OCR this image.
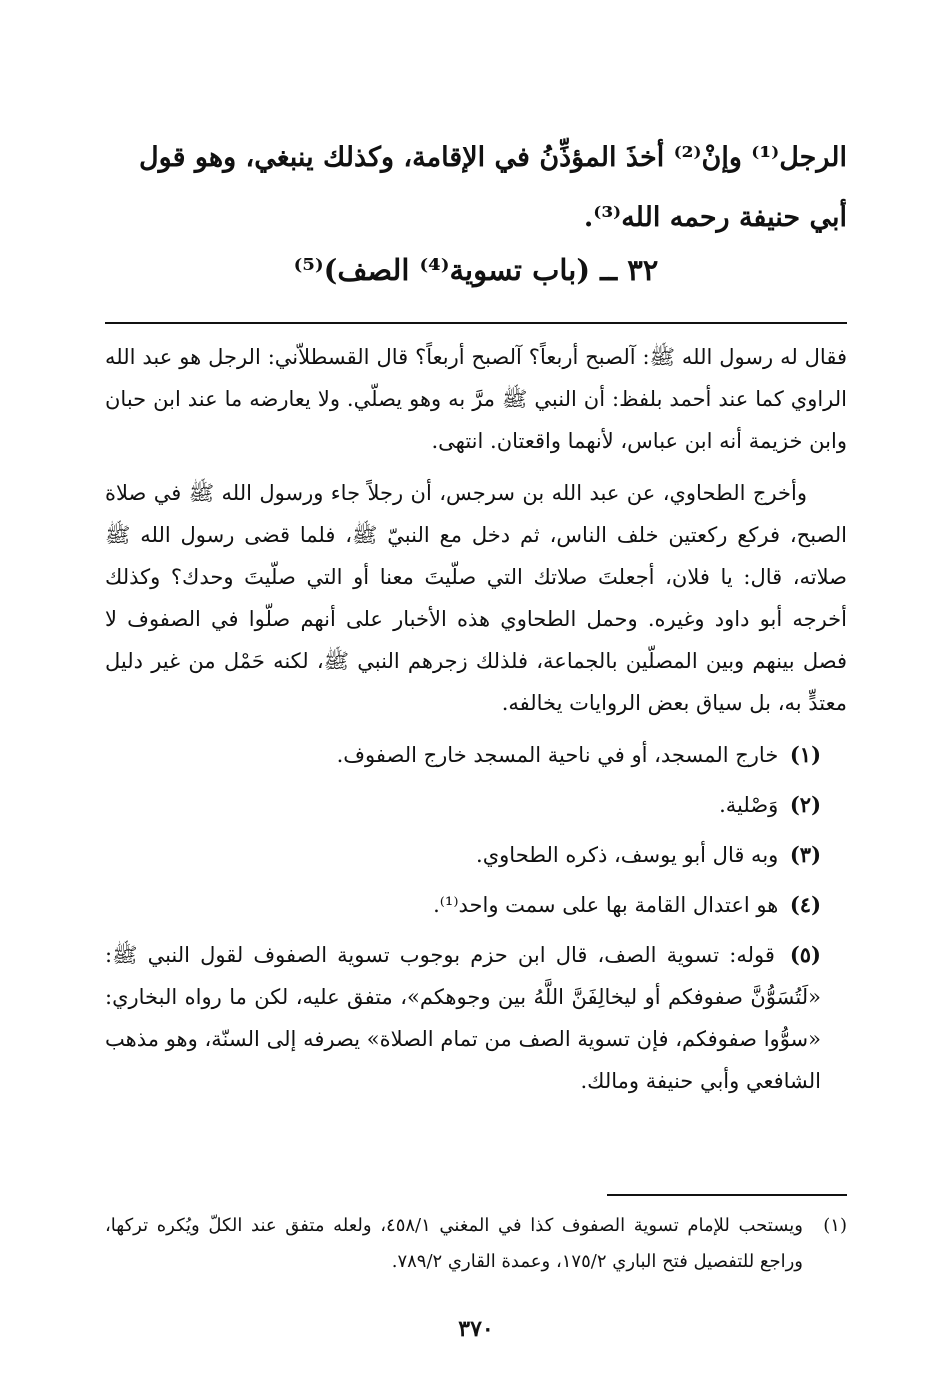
الرجل⁽¹⁾ وإنْ⁽²⁾ أخذَ المؤذِّنُ في الإقامة، وكذلك ينبغي، وهو قول

أبي حنيفة رحمه الله⁽³⁾.

٣٢ ــ (باب تسوية⁽⁴⁾ الصف)⁽⁵⁾

فقال له رسول الله ﷺ: آلصبح أربعاً؟ آلصبح أربعاً؟ قال القسطلاّني: الرجل هو عبد الله الراوي كما عند أحمد بلفظ: أن النبي ﷺ مرَّ به وهو يصلّي. ولا يعارضه ما عند ابن حبان وابن خزيمة أنه ابن عباس، لأنهما واقعتان. انتهى.

وأخرج الطحاوي، عن عبد الله بن سرجس، أن رجلاً جاء ورسول الله ﷺ في صلاة الصبح، فركع ركعتين خلف الناس، ثم دخل مع النبيّ ﷺ، فلما قضى رسول الله ﷺ صلاته، قال: يا فلان، أجعلتَ صلاتك التي صلّيتَ معنا أو التي صلّيتَ وحدك؟ وكذلك أخرجه أبو داود وغيره. وحمل الطحاوي هذه الأخبار على أنهم صلّوا في الصفوف لا فصل بينهم وبين المصلّين بالجماعة، فلذلك زجرهم النبي ﷺ، لكنه حَمْل من غير دليل معتدٍّ به، بل سياق بعض الروايات يخالفه.

(١) خارج المسجد، أو في ناحية المسجد خارج الصفوف.
(٢) وَصْلية.
(٣) وبه قال أبو يوسف، ذكره الطحاوي.
(٤) هو اعتدال القامة بها على سمت واحد⁽¹⁾.
(٥) قوله: تسوية الصف، قال ابن حزم بوجوب تسوية الصفوف لقول النبي ﷺ: «لَتُسَوُّنَّ صفوفكم أو ليخالِفَنَّ اللَّهُ بين وجوهكم»، متفق عليه، لكن ما رواه البخاري: «سوُّوا صفوفكم، فإن تسوية الصف من تمام الصلاة» يصرفه إلى السنّة، وهو مذهب الشافعي وأبي حنيفة ومالك.
(١)
ويستحب للإمام تسوية الصفوف كذا في المغني ٤٥٨/١، ولعله متفق عند الكلّ ويُكره تركها، وراجع للتفصيل فتح الباري ١٧٥/٢، وعمدة القاري ٧٨٩/٢.
٣٧٠
